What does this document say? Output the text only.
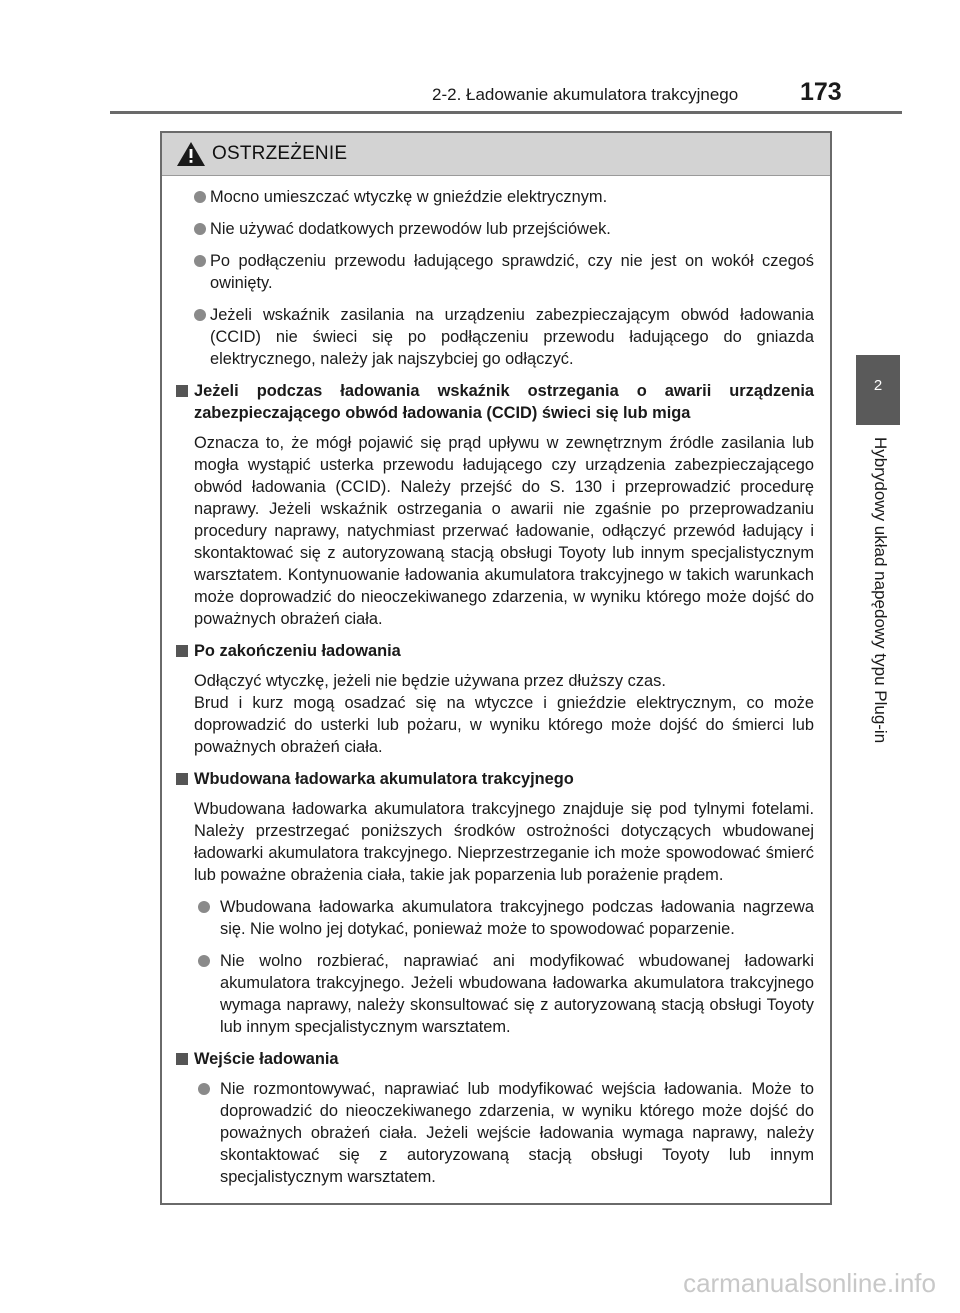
2-2. Ładowanie akumulatora trakcyjnego 173
2
Hybrydowy układ napędowy typu Plug-in
OSTRZEŻENIE
Mocno umieszczać wtyczkę w gnieździe elektrycznym.
Nie używać dodatkowych przewodów lub przejściówek.
Po podłączeniu przewodu ładującego sprawdzić, czy nie jest on wokół czegoś owinięty.
Jeżeli wskaźnik zasilania na urządzeniu zabezpieczającym obwód ładowania (CCID) nie świeci się po podłączeniu przewodu ładującego do gniazda elektrycznego, należy jak najszybciej go odłączyć.
Jeżeli podczas ładowania wskaźnik ostrzegania o awarii urządzenia zabezpieczającego obwód ładowania (CCID) świeci się lub miga

Oznacza to, że mógł pojawić się prąd upływu w zewnętrznym źródle zasilania lub mogła wystąpić usterka przewodu ładującego czy urządzenia zabezpieczającego obwód ładowania (CCID). Należy przejść do S. 130 i przeprowadzić procedurę naprawy. Jeżeli wskaźnik ostrzegania o awarii nie zgaśnie po przeprowadzaniu procedury naprawy, natychmiast przerwać ładowanie, odłączyć przewód ładujący i skontaktować się z autoryzowaną stacją obsługi Toyoty lub innym specjalistycznym warsztatem. Kontynuowanie ładowania akumulatora trakcyjnego w takich warunkach może doprowadzić do nieoczekiwanego zdarzenia, w wyniku którego może dojść do poważnych obrażeń ciała.

Po zakończeniu ładowania

Odłączyć wtyczkę, jeżeli nie będzie używana przez dłuższy czas.

Brud i kurz mogą osadzać się na wtyczce i gnieździe elektrycznym, co może doprowadzić do usterki lub pożaru, w wyniku którego może dojść do śmierci lub poważnych obrażeń ciała.

Wbudowana ładowarka akumulatora trakcyjnego

Wbudowana ładowarka akumulatora trakcyjnego znajduje się pod tylnymi fotelami. Należy przestrzegać poniższych środków ostrożności dotyczących wbudowanej ładowarki akumulatora trakcyjnego. Nieprzestrzeganie ich może spowodować śmierć lub poważne obrażenia ciała, takie jak poparzenia lub porażenie prądem.

Wbudowana ładowarka akumulatora trakcyjnego podczas ładowania nagrzewa się. Nie wolno jej dotykać, ponieważ może to spowodować poparzenie.
Nie wolno rozbierać, naprawiać ani modyfikować wbudowanej ładowarki akumulatora trakcyjnego. Jeżeli wbudowana ładowarka akumulatora trakcyjnego wymaga naprawy, należy skonsultować się z autoryzowaną stacją obsługi Toyoty lub innym specjalistycznym warsztatem.
Wejście ładowania
Nie rozmontowywać, naprawiać lub modyfikować wejścia ładowania. Może to doprowadzić do nieoczekiwanego zdarzenia, w wyniku którego może dojść do poważnych obrażeń ciała. Jeżeli wejście ładowania wymaga naprawy, należy skontaktować się z autoryzowaną stacją obsługi Toyoty lub innym specjalistycznym warsztatem.
carmanualsonline.info
